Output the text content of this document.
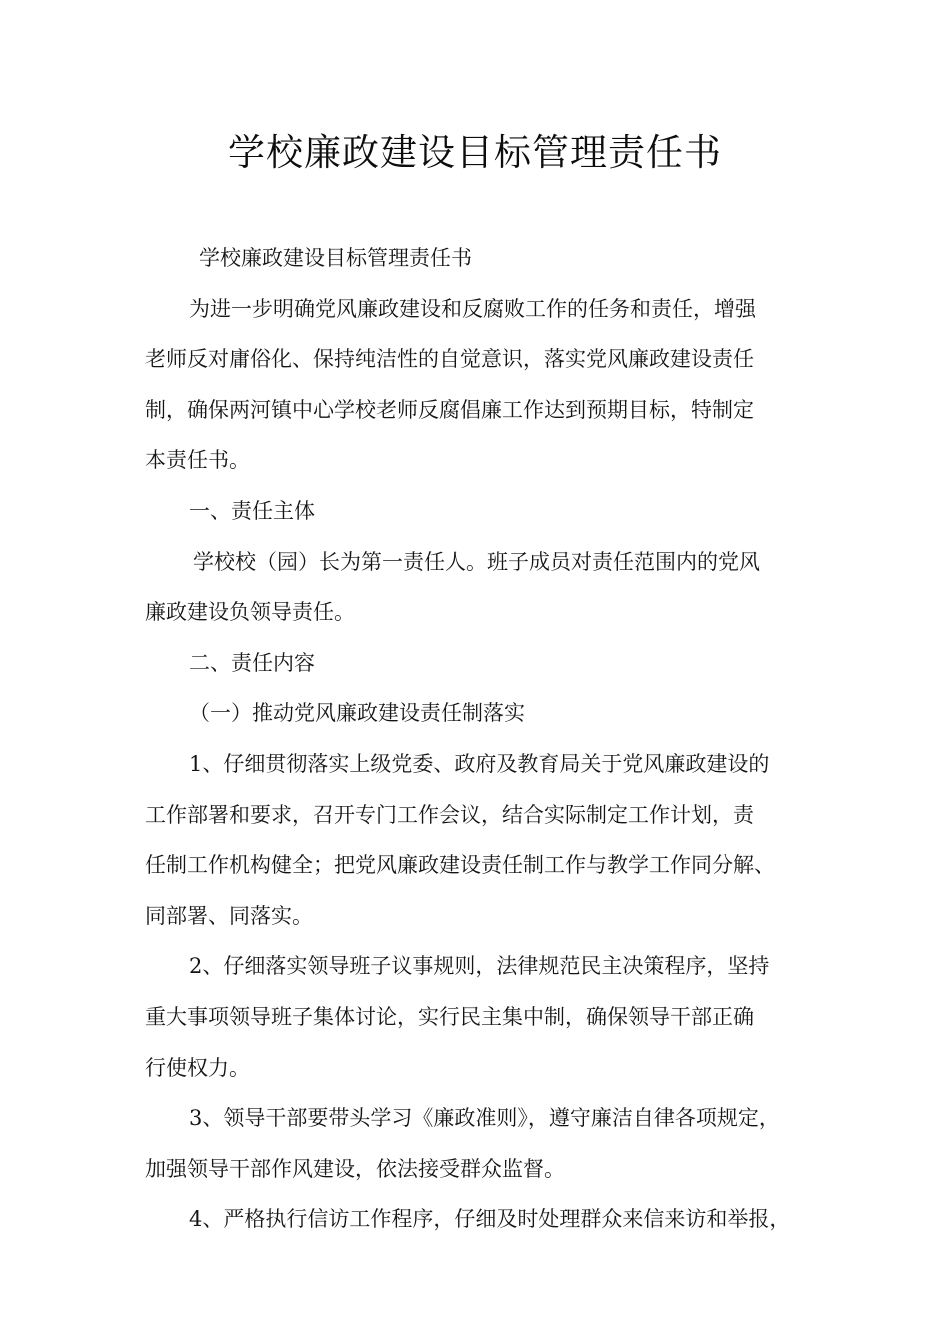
学校廉政建设目标管理责任书
学校廉政建设目标管理责任书
为进一步明确党风廉政建设和反腐败工作的任务和责任，增强
老师反对庸俗化、保持纯洁性的自觉意识，落实党风廉政建设责任
制，确保两河镇中心学校老师反腐倡廉工作达到预期目标，特制定
本责任书。
一、责任主体
学校校（园）长为第一责任人。班子成员对责任范围内的党风
廉政建设负领导责任。
二、责任内容
（一）推动党风廉政建设责任制落实
1、仔细贯彻落实上级党委、政府及教育局关于党风廉政建设的
工作部署和要求，召开专门工作会议，结合实际制定工作计划，责
任制工作机构健全；把党风廉政建设责任制工作与教学工作同分解、
同部署、同落实。
2、仔细落实领导班子议事规则，法律规范民主决策程序，坚持
重大事项领导班子集体讨论，实行民主集中制，确保领导干部正确
行使权力。
3、领导干部要带头学习《廉政准则》，遵守廉洁自律各项规定，
加强领导干部作风建设，依法接受群众监督。
4、严格执行信访工作程序，仔细及时处理群众来信来访和举报，
